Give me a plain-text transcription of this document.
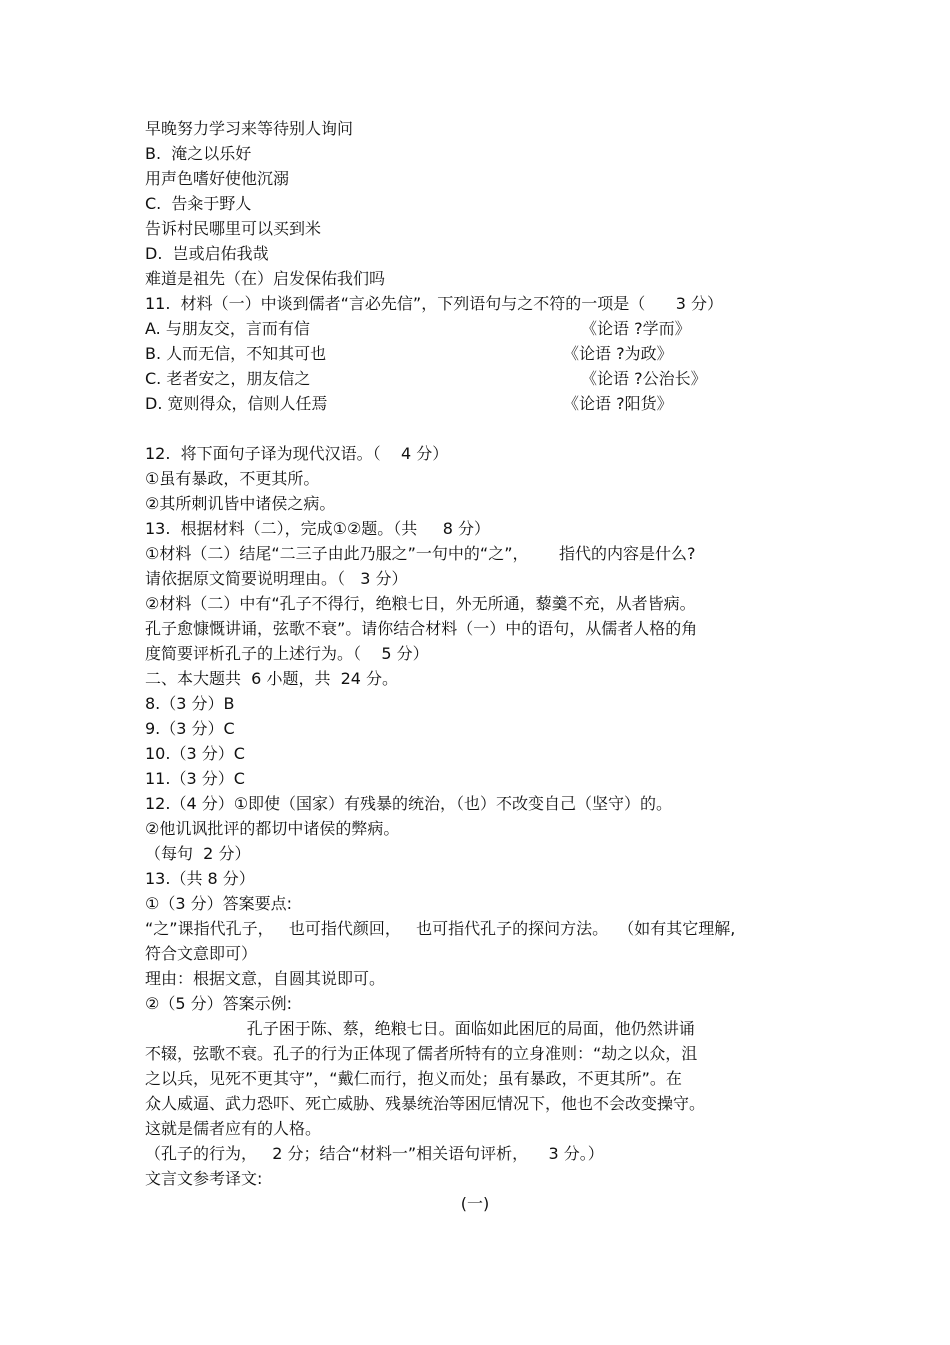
早晚努力学习来等待别人询问
B.  淹之以乐好
用声色嗜好使他沉溺
C.  告籴于野人
告诉村民哪里可以买到米
D.  岂或启佑我哉
难道是祖先（在）启发保佑我们吗
11.  材料（一）中谈到儒者“言必先信”，下列语句与之不符的一项是（      3 分）
A. 与朋友交，言而有信	《论语 ?学而》
B. 人而无信，不知其可也	《论语 ?为政》
C. 老者安之，朋友信之	《论语 ?公治长》
D. 宽则得众，信则人任焉	《论语 ?阳货》
12.  将下面句子译为现代汉语。（    4 分）
①虽有暴政，不更其所。
②其所刺讥皆中诸侯之病。
13.  根据材料（二），完成①②题。（共     8 分）
①材料（二）结尾“二三子由此乃服之”一句中的“之”，      指代的内容是什么?
请依据原文简要说明理由。（   3 分）
②材料（二）中有“孔子不得行，绝粮七日，外无所通，藜羹不充，从者皆病。
孔子愈慷慨讲诵，弦歌不衰”。请你结合材料（一）中的语句，从儒者人格的角
度简要评析孔子的上述行为。（    5 分）
二、本大题共  6 小题，共  24 分。
8.（3 分）B
9.（3 分）C
10.（3 分）C
11.（3 分）C
12.（4 分）①即使（国家）有残暴的统治，（也）不改变自己（坚守）的。
②他讥讽批评的都切中诸侯的弊病。
（每句  2 分）
13.（共 8 分）
①（3 分）答案要点:
“之”课指代孔子，   也可指代颜回，   也可指代孔子的探问方法。  （如有其它理解,
符合文意即可）
理由：根据文意，自圆其说即可。
②（5 分）答案示例:
孔子困于陈、蔡，绝粮七日。面临如此困厄的局面，他仍然讲诵
不辍，弦歌不衰。孔子的行为正体现了儒者所特有的立身准则：“劫之以众，沮
之以兵，见死不更其守”，“戴仁而行，抱义而处；虽有暴政，不更其所”。在
众人威逼、武力恐吓、死亡威胁、残暴统治等困厄情况下，他也不会改变操守。
这就是儒者应有的人格。
（孔子的行为，   2 分；结合“材料一”相关语句评析，    3 分。）
文言文参考译文:
(一)
